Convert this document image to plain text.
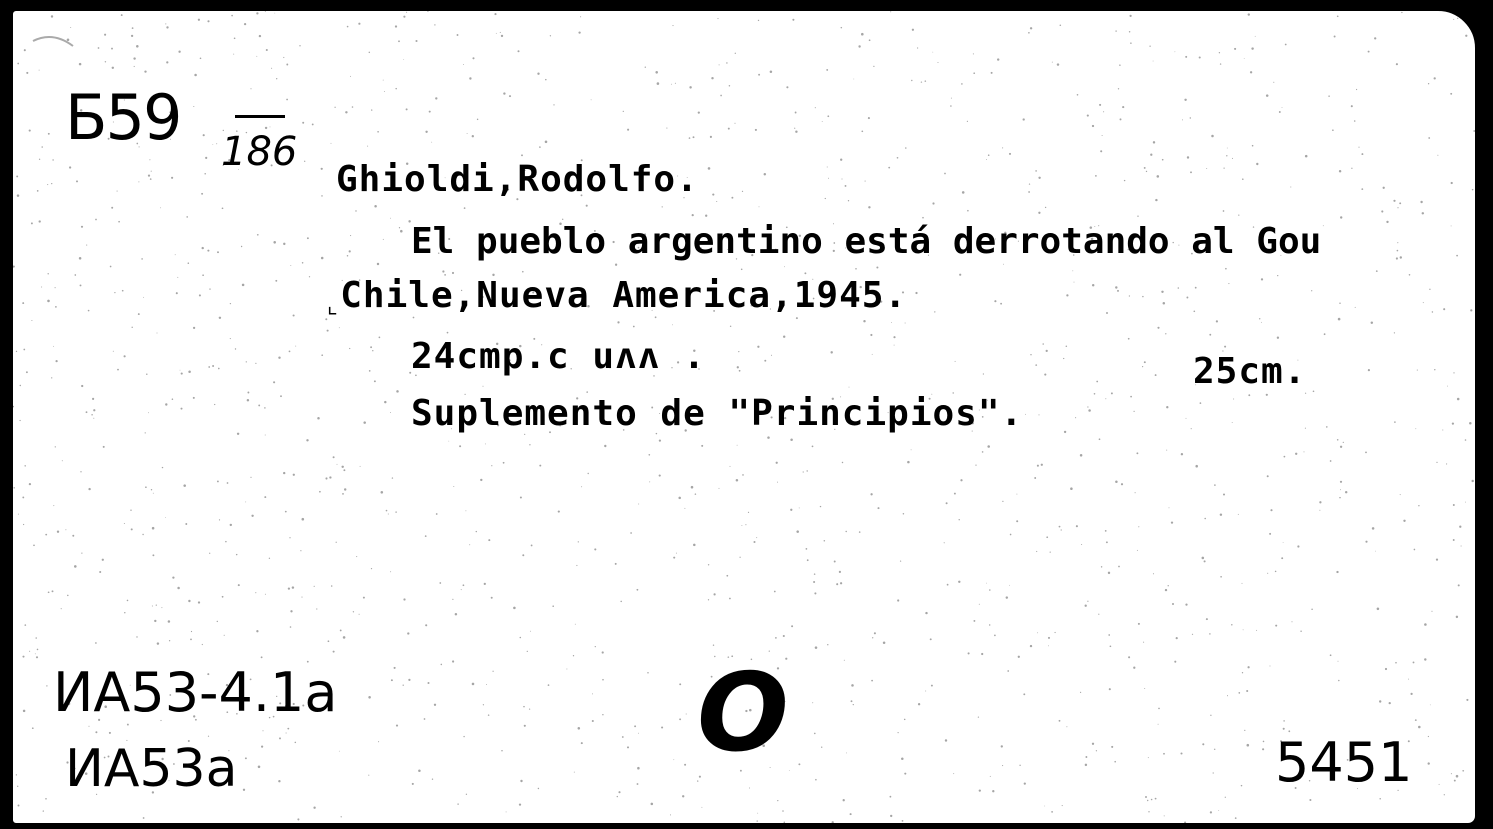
Б59 186
Ghioldi,Rodolfo.
El pueblo argentino está derrotando al Gou
⌞Chile,Nueva America,1945.
24cmp.c uʌʌ .	25cm.
Suplemento de "Principios".
ИА53-4.1а
ИА53а	O	5451
